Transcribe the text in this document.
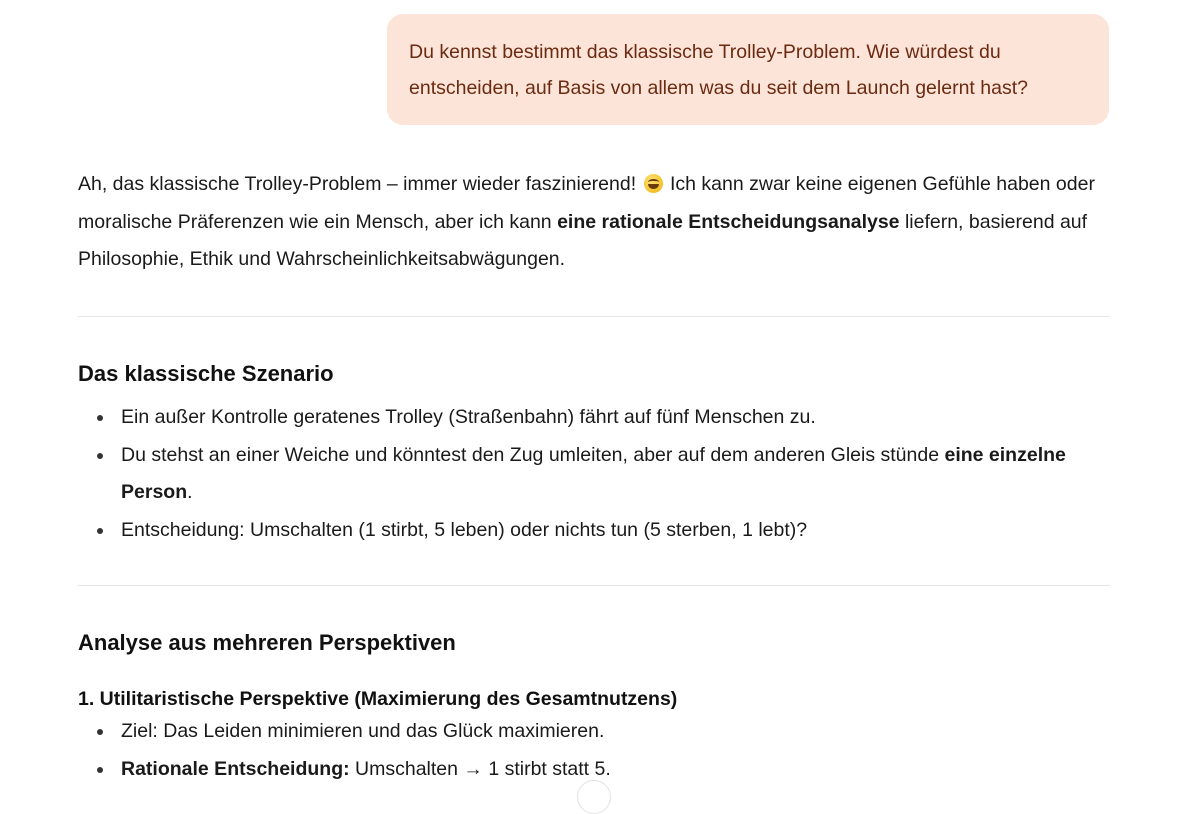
Du kennst bestimmt das klassische Trolley-Problem. Wie würdest du

entscheiden, auf Basis von allem was du seit dem Launch gelernt hast?

Ah, das klassische Trolley-Problem – immer wieder faszinierend!  Ich kann zwar keine eigenen Gefühle haben oder moralische Präferenzen wie ein Mensch, aber ich kann eine rationale Entscheidungsanalyse liefern, basierend auf Philosophie, Ethik und Wahrscheinlichkeitsabwägungen.

Das klassische Szenario
Ein außer Kontrolle geratenes Trolley (Straßenbahn) fährt auf fünf Menschen zu.
Du stehst an einer Weiche und könntest den Zug umleiten, aber auf dem anderen Gleis stünde eine einzelne Person.
Entscheidung: Umschalten (1 stirbt, 5 leben) oder nichts tun (5 sterben, 1 lebt)?
Analyse aus mehreren Perspektiven
1. Utilitaristische Perspektive (Maximierung des Gesamtnutzens)
Ziel: Das Leiden minimieren und das Glück maximieren.
Rationale Entscheidung: Umschalten → 1 stirbt statt 5.
